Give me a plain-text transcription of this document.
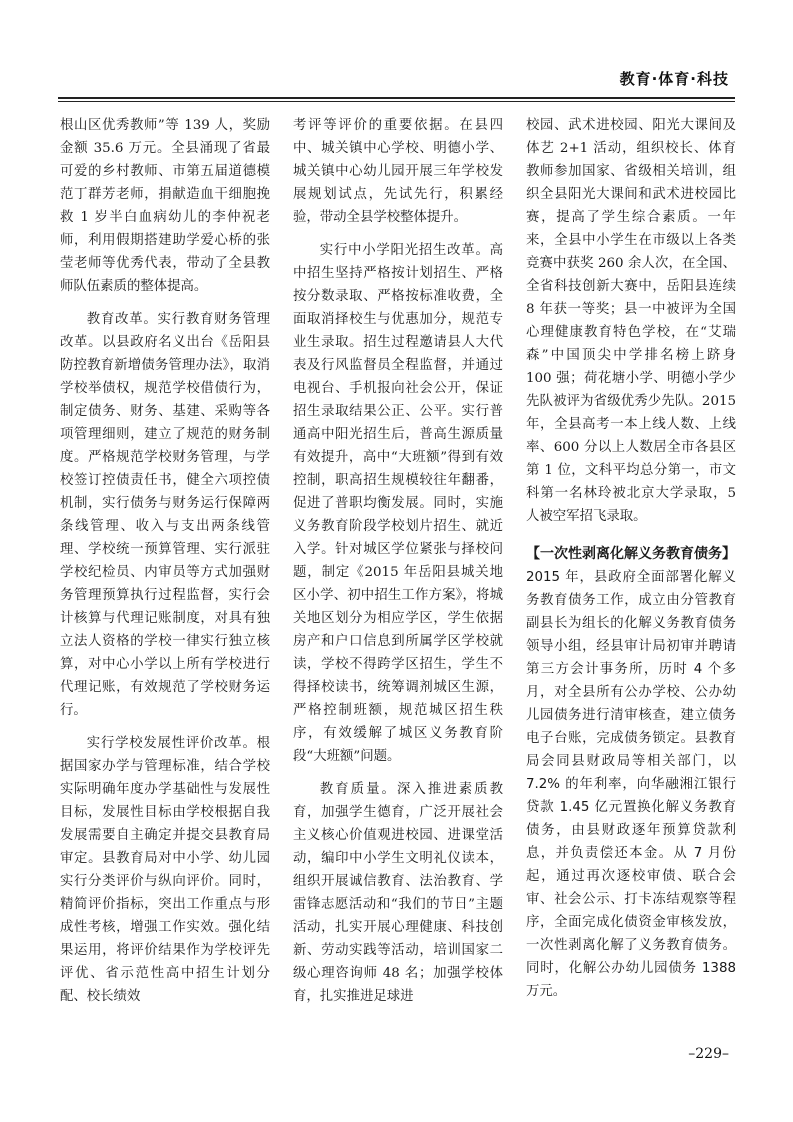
教育·体育·科技

根山区优秀教师”等 139 人，奖励金额 35.6 万元。全县涌现了省最可爱的乡村教师、市第五届道德模范丁群芳老师，捐献造血干细胞挽救 1 岁半白血病幼儿的李仲祝老师，利用假期搭建助学爱心桥的张莹老师等优秀代表，带动了全县教师队伍素质的整体提高。

教育改革。实行教育财务管理改革。以县政府名义出台《岳阳县防控教育新增债务管理办法》，取消学校举债权，规范学校借债行为，制定债务、财务、基建、采购等各项管理细则，建立了规范的财务制度。严格规范学校财务管理，与学校签订控债责任书，健全六项控债机制，实行债务与财务运行保障两条线管理、收入与支出两条线管理、学校统一预算管理、实行派驻学校纪检员、内审员等方式加强财务管理预算执行过程监督，实行会计核算与代理记账制度，对具有独立法人资格的学校一律实行独立核算，对中心小学以上所有学校进行代理记账，有效规范了学校财务运行。

实行学校发展性评价改革。根据国家办学与管理标准，结合学校实际明确年度办学基础性与发展性目标，发展性目标由学校根据自我发展需要自主确定并提交县教育局审定。县教育局对中小学、幼儿园实行分类评价与纵向评价。同时，精简评价指标，突出工作重点与形成性考核，增强工作实效。强化结果运用，将评价结果作为学校评先评优、省示范性高中招生计划分配、校长绩效

考评等评价的重要依据。在县四中、城关镇中心学校、明德小学、城关镇中心幼儿园开展三年学校发展规划试点，先试先行，积累经验，带动全县学校整体提升。

实行中小学阳光招生改革。高中招生坚持严格按计划招生、严格按分数录取、严格按标准收费，全面取消择校生与优惠加分，规范专业生录取。招生过程邀请县人大代表及行风监督员全程监督，并通过电视台、手机报向社会公开，保证招生录取结果公正、公平。实行普通高中阳光招生后，普高生源质量有效提升，高中“大班额”得到有效控制，职高招生规模较往年翻番，促进了普职均衡发展。同时，实施义务教育阶段学校划片招生、就近入学。针对城区学位紧张与择校问题，制定《2015 年岳阳县城关地区小学、初中招生工作方案》，将城关地区划分为相应学区，学生依据房产和户口信息到所属学区学校就读，学校不得跨学区招生，学生不得择校读书，统筹调剂城区生源，严格控制班额，规范城区招生秩序，有效缓解了城区义务教育阶段“大班额”问题。

教育质量。深入推进素质教育，加强学生德育，广泛开展社会主义核心价值观进校园、进课堂活动，编印中小学生文明礼仪读本，组织开展诚信教育、法治教育、学雷锋志愿活动和“我们的节日”主题活动，扎实开展心理健康、科技创新、劳动实践等活动，培训国家二级心理咨询师 48 名；加强学校体育，扎实推进足球进

校园、武术进校园、阳光大课间及体艺 2+1 活动，组织校长、体育教师参加国家、省级相关培训，组织全县阳光大课间和武术进校园比赛，提高了学生综合素质。一年来，全县中小学生在市级以上各类竞赛中获奖 260 余人次，在全国、全省科技创新大赛中，岳阳县连续 8 年获一等奖；县一中被评为全国心理健康教育特色学校，在“艾瑞森”中国顶尖中学排名榜上跻身 100 强；荷花塘小学、明德小学少先队被评为省级优秀少先队。2015 年，全县高考一本上线人数、上线率、600 分以上人数居全市各县区第 1 位，文科平均总分第一，市文科第一名林玲被北京大学录取，5 人被空军招飞录取。

【一次性剥离化解义务教育债务】

2015 年，县政府全面部署化解义务教育债务工作，成立由分管教育副县长为组长的化解义务教育债务领导小组，经县审计局初审并聘请第三方会计事务所，历时 4 个多月，对全县所有公办学校、公办幼儿园债务进行清审核查，建立债务电子台账，完成债务锁定。县教育局会同县财政局等相关部门，以 7.2% 的年利率，向华融湘江银行贷款 1.45 亿元置换化解义务教育债务，由县财政逐年预算贷款利息，并负责偿还本金。从 7 月份起，通过再次逐校审债、联合会审、社会公示、打卡冻结观察等程序，全面完成化债资金审核发放，一次性剥离化解了义务教育债务。同时，化解公办幼儿园债务 1388 万元。

–229–
